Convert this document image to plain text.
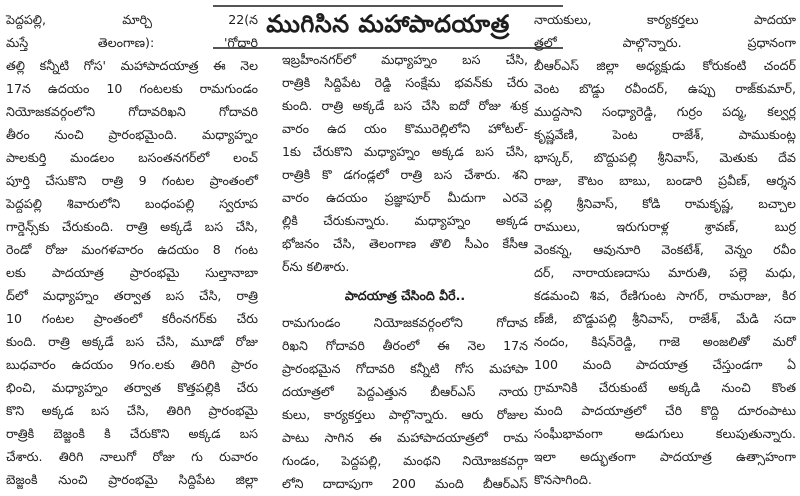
ముగిసిన మహాపాదయాత్ర
పెద్దపల్లి, మార్చి 22(న
మస్తే తెలంగాణ): 'గోదారి
తల్లి కన్నీటి గోస' మహాపాదయాత్ర ఈ నెల
17న ఉదయం 10 గంటలకు రామగుండం
నియోజకవర్గంలోని గోదావరిఖని గోదావరి
తీరం నుంచి ప్రారంభమైంది. మధ్యాహ్నం
పాలకుర్తి మండలం బసంతనగర్‌లో లంచ్
పూర్తి చేసుకొని రాత్రి 9 గంటల ప్రాంతంలో
పెద్దపల్లి శివారులోని బంధంపల్లి స్వరూప
గార్డెన్స్‌కు చేరుకుంది. రాత్రి అక్కడే బస చేసి,
రెండో రోజు మంగళవారం ఉదయం 8 గంట
లకు పాదయాత్ర ప్రారంభమై సుల్తానాబా
ద్‌లో మధ్యాహ్నం తర్వాత బస చేసి, రాత్రి
10 గంటల ప్రాంతంలో కరీంనగర్‌కు చేరు
కుంది. రాత్రి అక్కడే బస చేసి, మూడో రోజు
బుధవారం ఉదయం 9గం.లకు తిరిగి ప్రారం
భించి, మధ్యాహ్నం తర్వాత కొత్తపల్లికి చేరు
కొని అక్కడ బస చేసి, తిరిగి ప్రారంభమై
రాత్రికి బెజ్జంకి కి చేరుకొని అక్కడ బస
చేశారు. తిరిగి నాలుగో రోజు గు రువారం
బెజ్జంకి నుంచి ప్రారంభమై సిద్దిపేట జిల్లా
ఇబ్రహీంనగర్‌లో మధ్యాహ్నం బస చేసి,
రాత్రికి సిద్దిపేట రెడ్డి సంక్షేమ భవన్‌కు చేరు
కుంది. రాత్రి అక్కడే బస చేసి ఐదో రోజు శుక్ర
వారం ఉద యం కొమురెల్లిలోని హోటల్-
1కు చేరుకొని మధ్యాహ్నం అక్కడ బస చేసి,
రాత్రికి కొ డగండ్లలో రాత్రి బస చేశారు. శని
వారం ఉదయం ప్రజ్ఞాపూర్ మీదుగా ఎరవె
ల్లికి చేరుకున్నారు. మధ్యాహ్నం అక్కడ
భోజనం చేసి, తెలంగాణ తొలి సీఎం కేసీఆ
ర్‌ను కలిశారు.
పాదయాత్ర చేసింది వీరే..
రామగుండం నియోజకవర్గంలోని గోదావ
రిఖని గోదావరి తీరంలో ఈ నెల 17న
ప్రారంభమైన గోదావరి కన్నీటి గోస మహాపా
దయాత్రలో పెద్దఎత్తున బీఆర్‌ఎస్ నాయ
కులు, కార్యకర్తలు పాల్గొన్నారు. ఆరు రోజుల
పాటు సాగిన ఈ మహాపాదయాత్రలో రామ
గుండం, పెద్దపల్లి, మంథని నియోజకవర్గా
లోని దాదాపుగా 200 మంది బీఆర్‌ఎస్
నాయకులు, కార్యకర్తలు పాదయా
త్రలో పాల్గొన్నారు. ప్రధానంగా
బీఆర్‌ఎస్ జిల్లా అధ్యక్షుడు కోరుకంటి చందర్
వెంట బొడ్డు రవీందర్, ఉప్పు రాజ్‌కుమార్,
ముద్దసాని సంధ్యారెడ్డి, గుర్రం పద్మ, కల్వర్ల
కృష్ణవేణి, పెంట రాజేశ్, పాముకుంట్ల
భాస్కర్, బొద్దుపల్లి శ్రీనివాస్, మెతుకు దేవ
రాజు, కౌటం బాబు, బండారి ప్రవీణ్, ఆర్శన
పల్లి శ్రీనివాస్, కోడి రామకృష్ణ, బచ్చాల
రాములు, ఇరుగురాళ్ల శ్రావణ్, బుర్ర
వెంకన్న, ఆవునూరి వెంకటేశ్, వెన్నం రవీం
దర్, నారాయణదాసు మారుతి, పల్లె మధు,
కడమంచి శివ, రేణిగుంట సాగర్, రామరాజు, కిర
ణ్‌జీ, బొడ్డుపల్లి శ్రీనివాస్, రాజేశ్, మేడి సదా
నందం, కిషన్‌రెడ్డి, గాజె అంజలితో మరో
100 మంది పాదయాత్ర చేస్తుండగా ఏ
గ్రామానికి చేరుకుంటే అక్కడి నుంచి కొంత
మంది పాదయాత్రలో చేరి కొద్ది దూరంపాటు
సంఘీభావంగా అడుగులు కలుపుతున్నారు.
ఇలా అద్భుతంగా పాదయాత్ర ఉత్సాహంగా
కొనసాగింది.
